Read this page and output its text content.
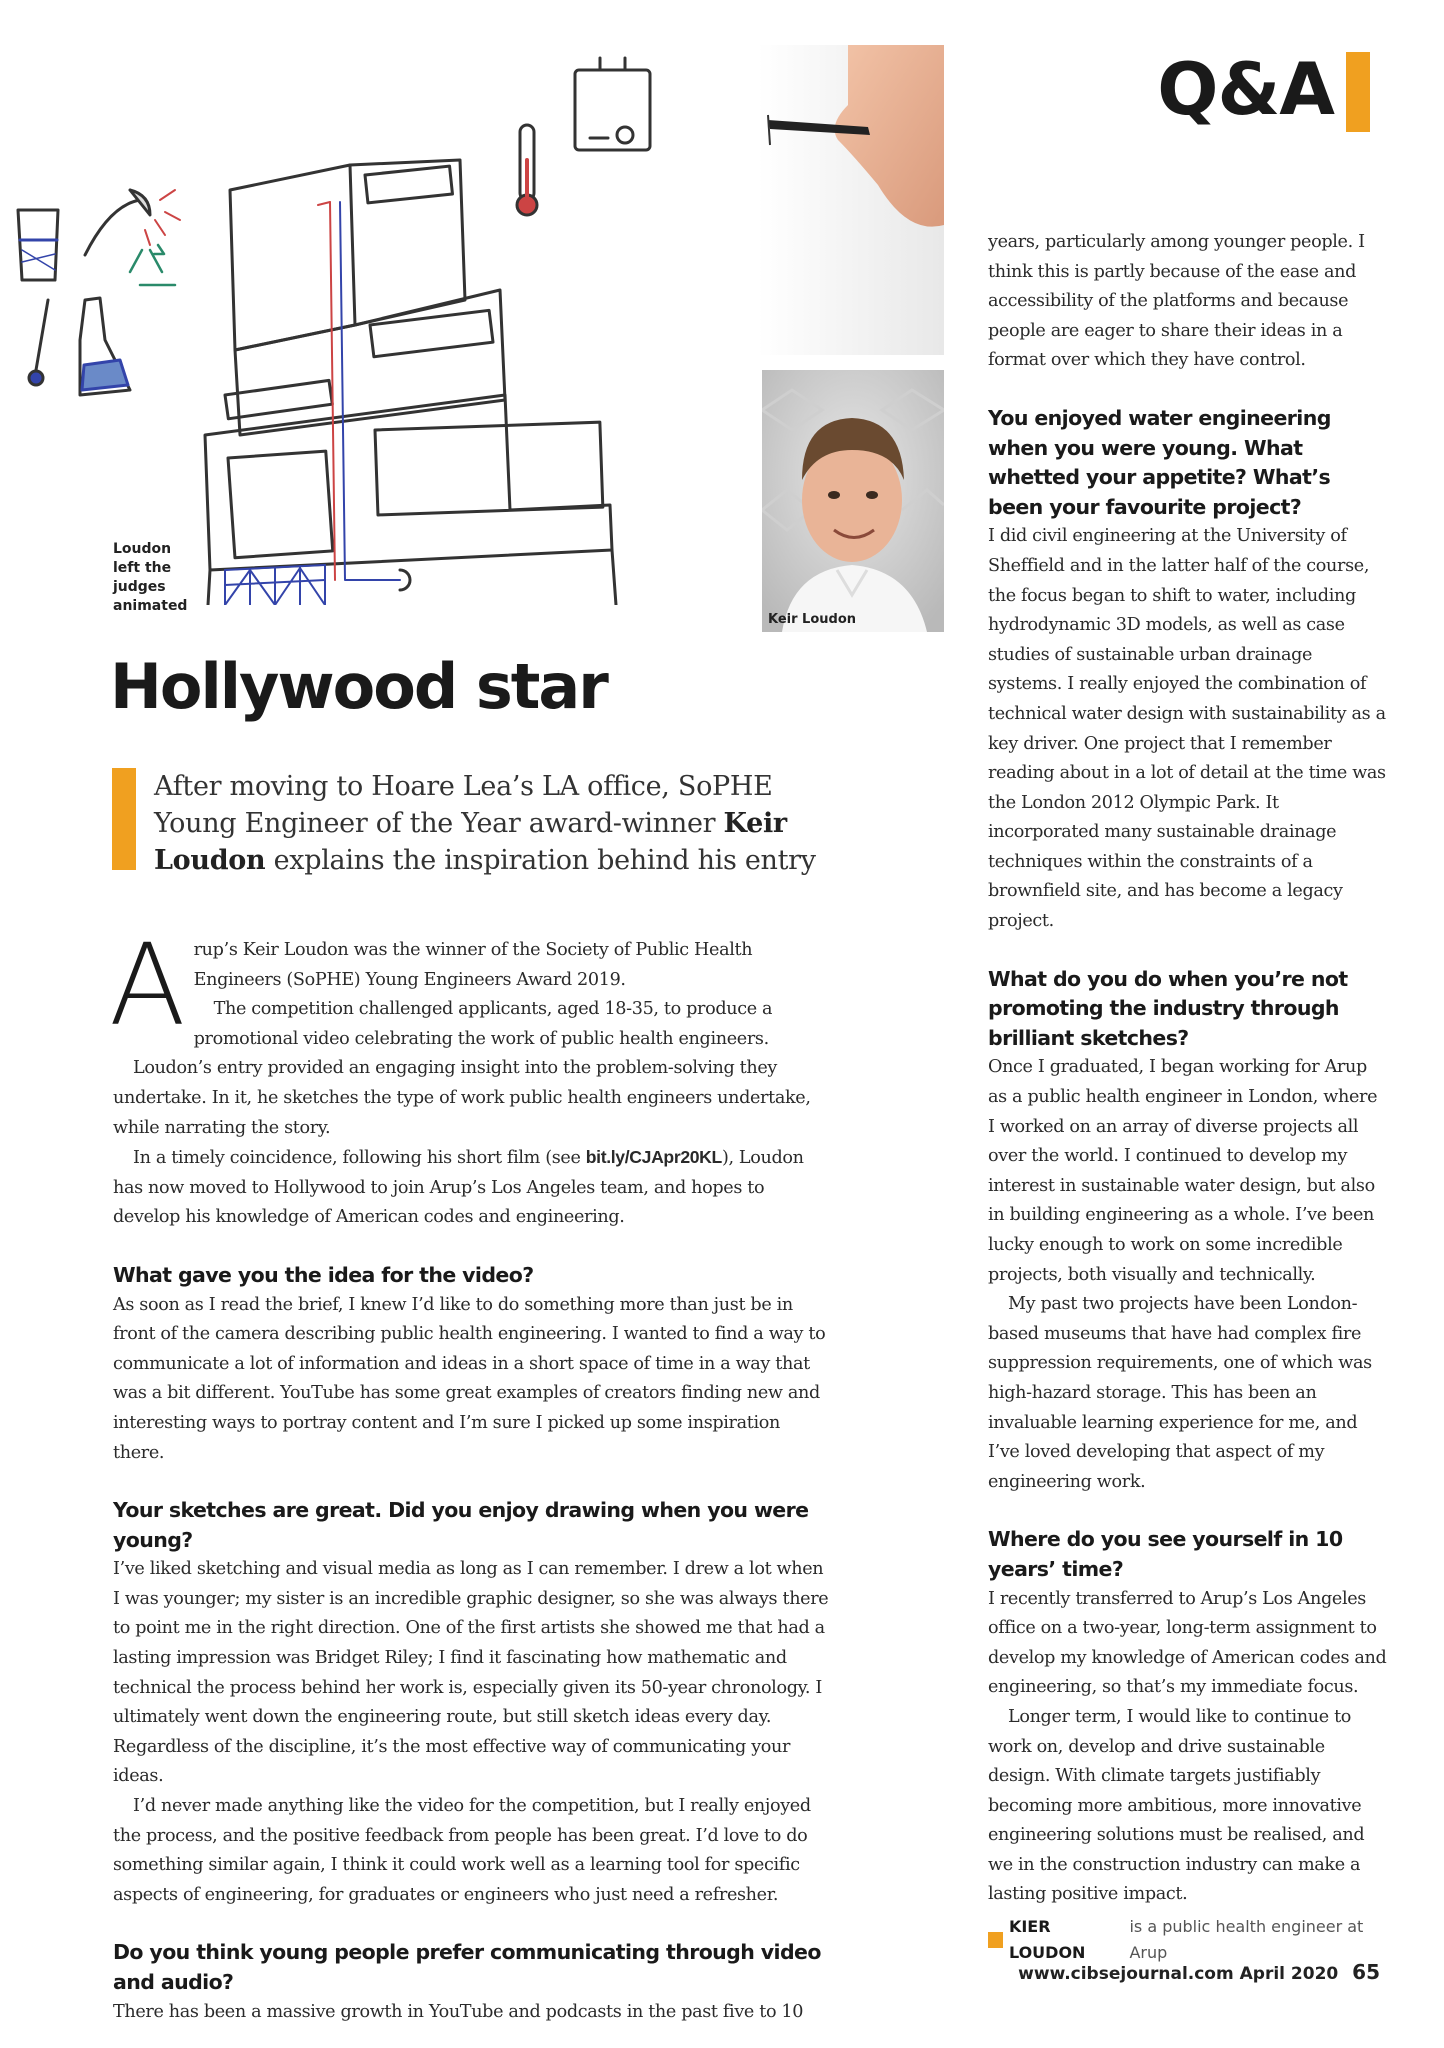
Q&A
Loudon left the judges animated
Keir Loudon
Hollywood star
After moving to Hoare Lea’s LA office, SoPHE Young Engineer of the Year award-winner Keir Loudon explains the inspiration behind his entry
A rup’s Keir Loudon was the winner of the Society of Public Health Engineers (SoPHE) Young Engineers Award 2019.

The competition challenged applicants, aged 18-35, to produce a promotional video celebrating the work of public health engineers.

Loudon’s entry provided an engaging insight into the problem-solving they undertake. In it, he sketches the type of work public health engineers undertake, while narrating the story.

In a timely coincidence, following his short film (see bit.ly/CJApr20KL), Loudon has now moved to Hollywood to join Arup’s Los Angeles team, and hopes to develop his knowledge of American codes and engineering.

What gave you the idea for the video?

As soon as I read the brief, I knew I’d like to do something more than just be in front of the camera describing public health engineering. I wanted to find a way to communicate a lot of information and ideas in a short space of time in a way that was a bit different. YouTube has some great examples of creators finding new and interesting ways to portray content and I’m sure I picked up some inspiration there.

Your sketches are great. Did you enjoy drawing when you were young?

I’ve liked sketching and visual media as long as I can remember. I drew a lot when I was younger; my sister is an incredible graphic designer, so she was always there to point me in the right direction. One of the first artists she showed me that had a lasting impression was Bridget Riley; I find it fascinating how mathematic and technical the process behind her work is, especially given its 50-year chronology. I ultimately went down the engineering route, but still sketch ideas every day. Regardless of the discipline, it’s the most effective way of communicating your ideas.

I’d never made anything like the video for the competition, but I really enjoyed the process, and the positive feedback from people has been great. I’d love to do something similar again, I think it could work well as a learning tool for specific aspects of engineering, for graduates or engineers who just need a refresher.

Do you think young people prefer communicating through video and audio?

There has been a massive growth in YouTube and podcasts in the past five to 10

years, particularly among younger people. I think this is partly because of the ease and accessibility of the platforms and because people are eager to share their ideas in a format over which they have control.

You enjoyed water engineering when you were young. What whetted your appetite? What’s been your favourite project?

I did civil engineering at the University of Sheffield and in the latter half of the course, the focus began to shift to water, including hydrodynamic 3D models, as well as case studies of sustainable urban drainage systems. I really enjoyed the combination of technical water design with sustainability as a key driver. One project that I remember reading about in a lot of detail at the time was the London 2012 Olympic Park. It incorporated many sustainable drainage techniques within the constraints of a brownfield site, and has become a legacy project.

What do you do when you’re not promoting the industry through brilliant sketches?

Once I graduated, I began working for Arup as a public health engineer in London, where I worked on an array of diverse projects all over the world. I continued to develop my interest in sustainable water design, but also in building engineering as a whole. I’ve been lucky enough to work on some incredible projects, both visually and technically.

My past two projects have been London-based museums that have had complex fire suppression requirements, one of which was high-hazard storage. This has been an invaluable learning experience for me, and I’ve loved developing that aspect of my engineering work.

Where do you see yourself in 10 years’ time?

I recently transferred to Arup’s Los Angeles office on a two-year, long-term assignment to develop my knowledge of American codes and engineering, so that’s my immediate focus.

Longer term, I would like to continue to work on, develop and drive sustainable design. With climate targets justifiably becoming more ambitious, more innovative engineering solutions must be realised, and we in the construction industry can make a lasting positive impact.

KIER LOUDON
is a public health engineer at Arup
www.cibsejournal.com April 2020 65
